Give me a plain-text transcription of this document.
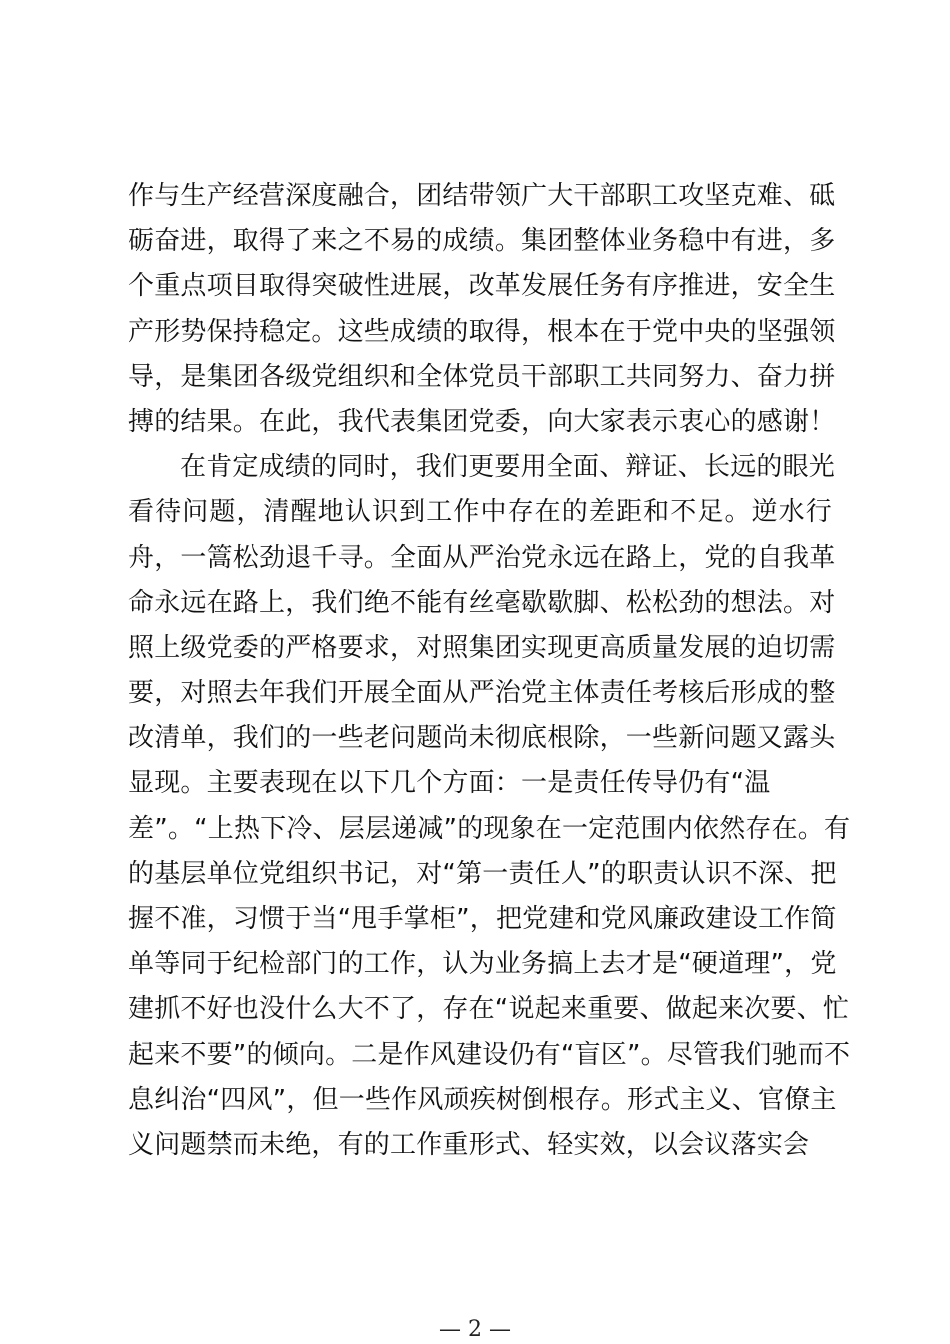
作与生产经营深度融合，团结带领广大干部职工攻坚克难、砥
砺奋进，取得了来之不易的成绩。集团整体业务稳中有进，多
个重点项目取得突破性进展，改革发展任务有序推进，安全生
产形势保持稳定。这些成绩的取得，根本在于党中央的坚强领
导，是集团各级党组织和全体党员干部职工共同努力、奋力拼
搏的结果。在此，我代表集团党委，向大家表示衷心的感谢！
在肯定成绩的同时，我们更要用全面、辩证、长远的眼光
看待问题，清醒地认识到工作中存在的差距和不足。逆水行
舟，一篙松劲退千寻。全面从严治党永远在路上，党的自我革
命永远在路上，我们绝不能有丝毫歇歇脚、松松劲的想法。对
照上级党委的严格要求，对照集团实现更高质量发展的迫切需
要，对照去年我们开展全面从严治党主体责任考核后形成的整
改清单，我们的一些老问题尚未彻底根除，一些新问题又露头
显现。主要表现在以下几个方面：一是责任传导仍有“温
差”。“上热下冷、层层递减”的现象在一定范围内依然存在。有
的基层单位党组织书记，对“第一责任人”的职责认识不深、把
握不准，习惯于当“甩手掌柜”，把党建和党风廉政建设工作简
单等同于纪检部门的工作，认为业务搞上去才是“硬道理”，党
建抓不好也没什么大不了，存在“说起来重要、做起来次要、忙
起来不要”的倾向。二是作风建设仍有“盲区”。尽管我们驰而不
息纠治“四风”，但一些作风顽疾树倒根存。形式主义、官僚主
义问题禁而未绝，有的工作重形式、轻实效，以会议落实会
— 2 —
